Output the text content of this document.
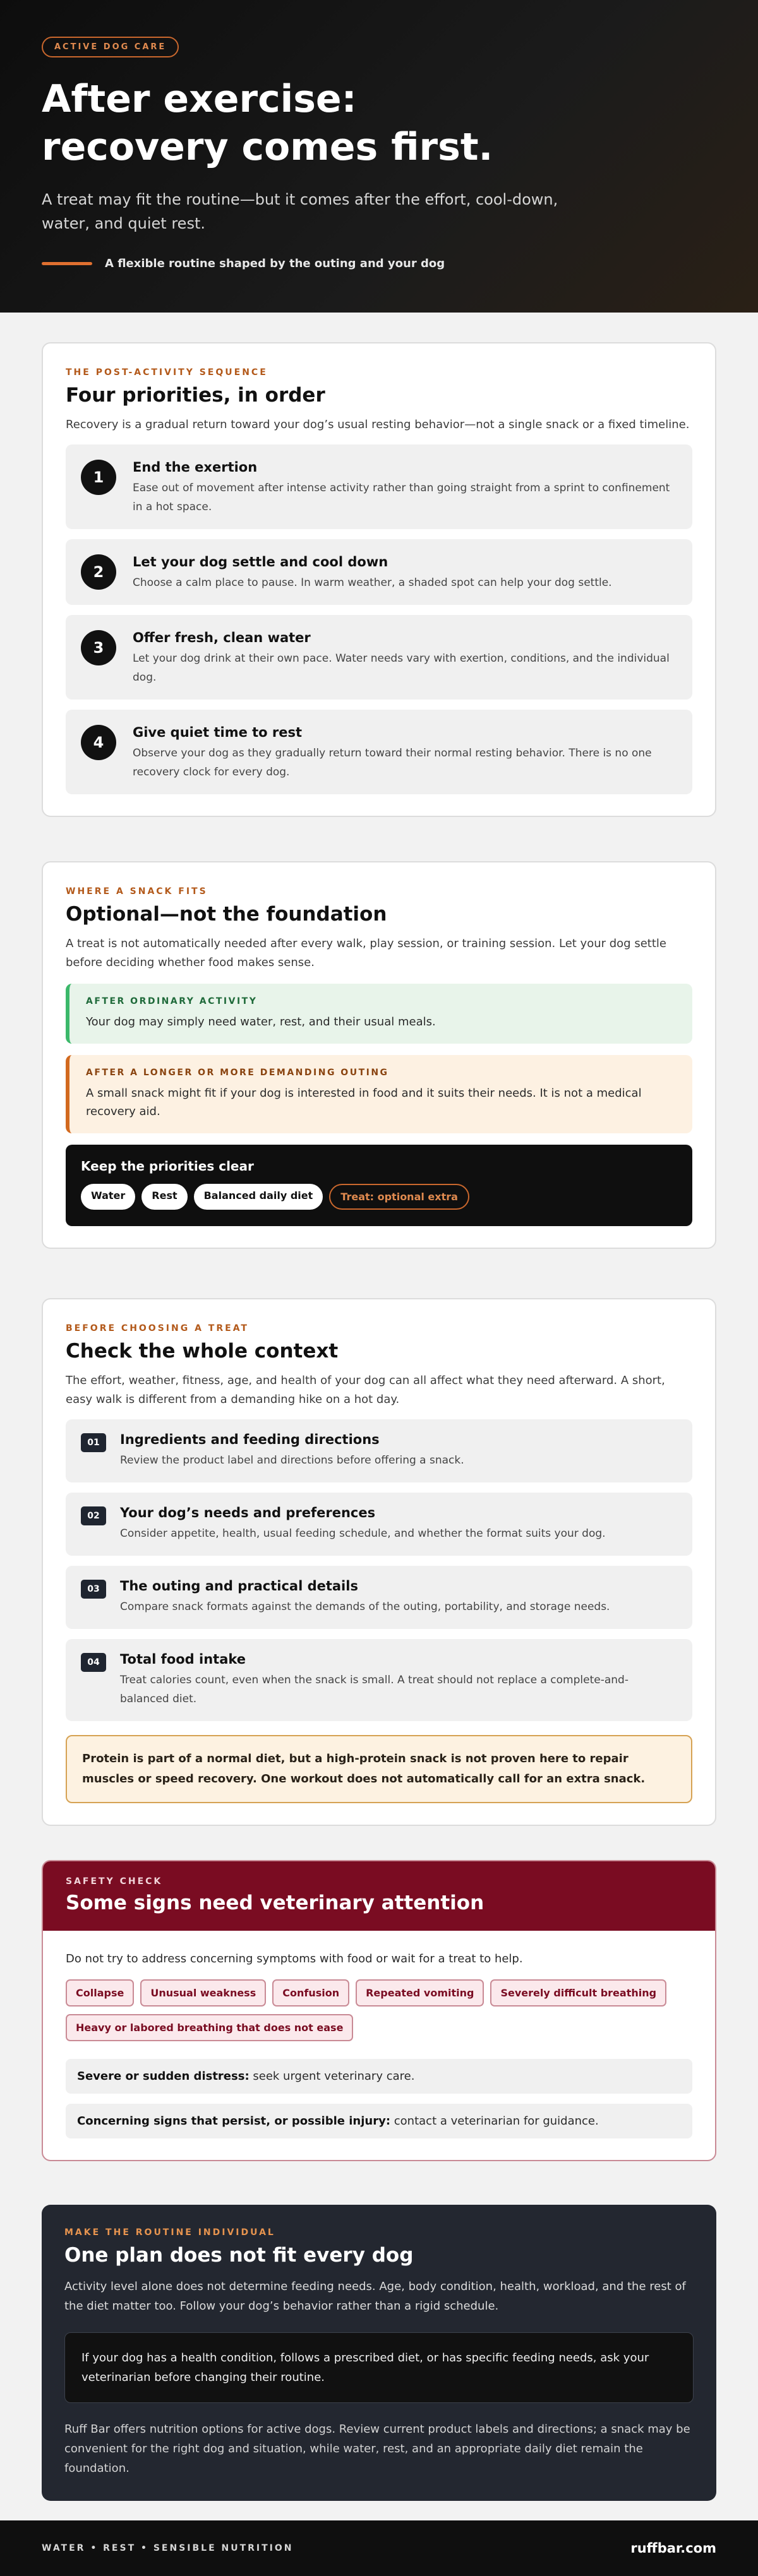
ACTIVE DOG CARE
After exercise:
recovery comes first.

A treat may fit the routine—but it comes after the effort, cool-down, water, and quiet rest.

A flexible routine shaped by the outing and your dog
THE POST-ACTIVITY SEQUENCE
Four priorities, in order

Recovery is a gradual return toward your dog’s usual resting behavior—not a single snack or a fixed timeline.

1
End the exertion
Ease out of movement after intense activity rather than going straight from a sprint to confinement in a hot space.
2
Let your dog settle and cool down
Choose a calm place to pause. In warm weather, a shaded spot can help your dog settle.
3
Offer fresh, clean water
Let your dog drink at their own pace. Water needs vary with exertion, conditions, and the individual dog.
4
Give quiet time to rest
Observe your dog as they gradually return toward their normal resting behavior. There is no one recovery clock for every dog.
WHERE A SNACK FITS
Optional—not the foundation

A treat is not automatically needed after every walk, play session, or training session. Let your dog settle before deciding whether food makes sense.

AFTER ORDINARY ACTIVITY
Your dog may simply need water, rest, and their usual meals.
AFTER A LONGER OR MORE DEMANDING OUTING
A small snack might fit if your dog is interested in food and it suits their needs. It is not a medical recovery aid.
Keep the priorities clear
Water	Rest	Balanced daily diet	Treat: optional extra
BEFORE CHOOSING A TREAT
Check the whole context

The effort, weather, fitness, age, and health of your dog can all affect what they need afterward. A short, easy walk is different from a demanding hike on a hot day.

01	Ingredients and feeding directions
Review the product label and directions before offering a snack.
02	Your dog’s needs and preferences
Consider appetite, health, usual feeding schedule, and whether the format suits your dog.
03	The outing and practical details
Compare snack formats against the demands of the outing, portability, and storage needs.
04	Total food intake
Treat calories count, even when the snack is small. A treat should not replace a complete-and-balanced diet.
Protein is part of a normal diet, but a high-protein snack is not proven here to repair muscles or speed recovery. One workout does not automatically call for an extra snack.
SAFETY CHECK
Some signs need veterinary attention

Do not try to address concerning symptoms with food or wait for a treat to help.

Collapse	Unusual weakness	Confusion	Repeated vomiting	Severely difficult breathing
Heavy or labored breathing that does not ease
Severe or sudden distress: seek urgent veterinary care.
Concerning signs that persist, or possible injury: contact a veterinarian for guidance.
MAKE THE ROUTINE INDIVIDUAL
One plan does not fit every dog

Activity level alone does not determine feeding needs. Age, body condition, health, workload, and the rest of the diet matter too. Follow your dog’s behavior rather than a rigid schedule.

If your dog has a health condition, follows a prescribed diet, or has specific feeding needs, ask your veterinarian before changing their routine.

Ruff Bar offers nutrition options for active dogs. Review current product labels and directions; a snack may be convenient for the right dog and situation, while water, rest, and an appropriate daily diet remain the foundation.

WATER • REST • SENSIBLE NUTRITION	ruffbar.com
